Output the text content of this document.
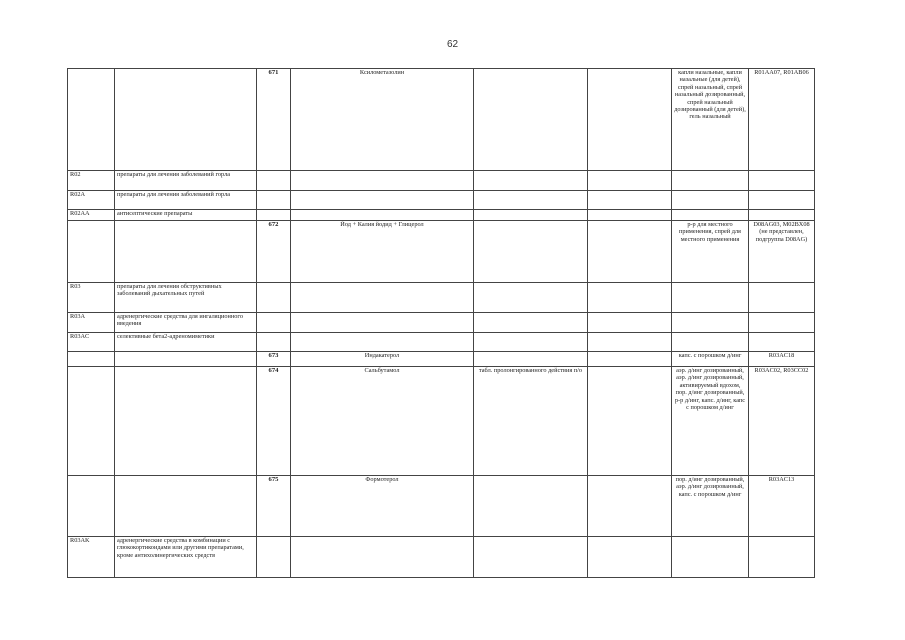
62
		671	Ксилометазолин			капли назальные, капли назальные (для детей), спрей назальный, спрей назальный дозированный, спрей назальный дозированный (для детей), гель назальный	R01AA07, R01AB06
R02	препараты для лечения заболеваний горла						
R02A	препараты для лечения заболеваний горла						
R02AA	антисептические препараты						
		672	Йод + Калия йодид + Глицерол			р-р для местного применения, спрей для местного применения	D08AG03, M02BX08 (не представлен, подгруппа D08AG)
R03	препараты для лечения обструктивных заболеваний дыхательных путей						
R03A	адренергические средства для ингаляционного введения						
R03AC	селективные бета2-адреномиметики						
		673	Индакатерол			капс. с порошком д/инг	R03AC18
		674	Сальбутамол	табл. пролонгированного действия п/о		аэр. д/инг дозированный, аэр. д/инг дозированный, активируемый вдохом, пор. д/инг дозированный, р-р д/инг, капс. д/инг, капс с порошком д/инг	R03AC02, R03CC02
		675	Формотерол			пор. д/инг дозированный, аэр. д/инг дозированный, капс. с порошком д/инг	R03AC13
R03AK	адренергические средства в комбинации с глюкокортикоидами или другими препаратами, кроме антихолинергических средств						
